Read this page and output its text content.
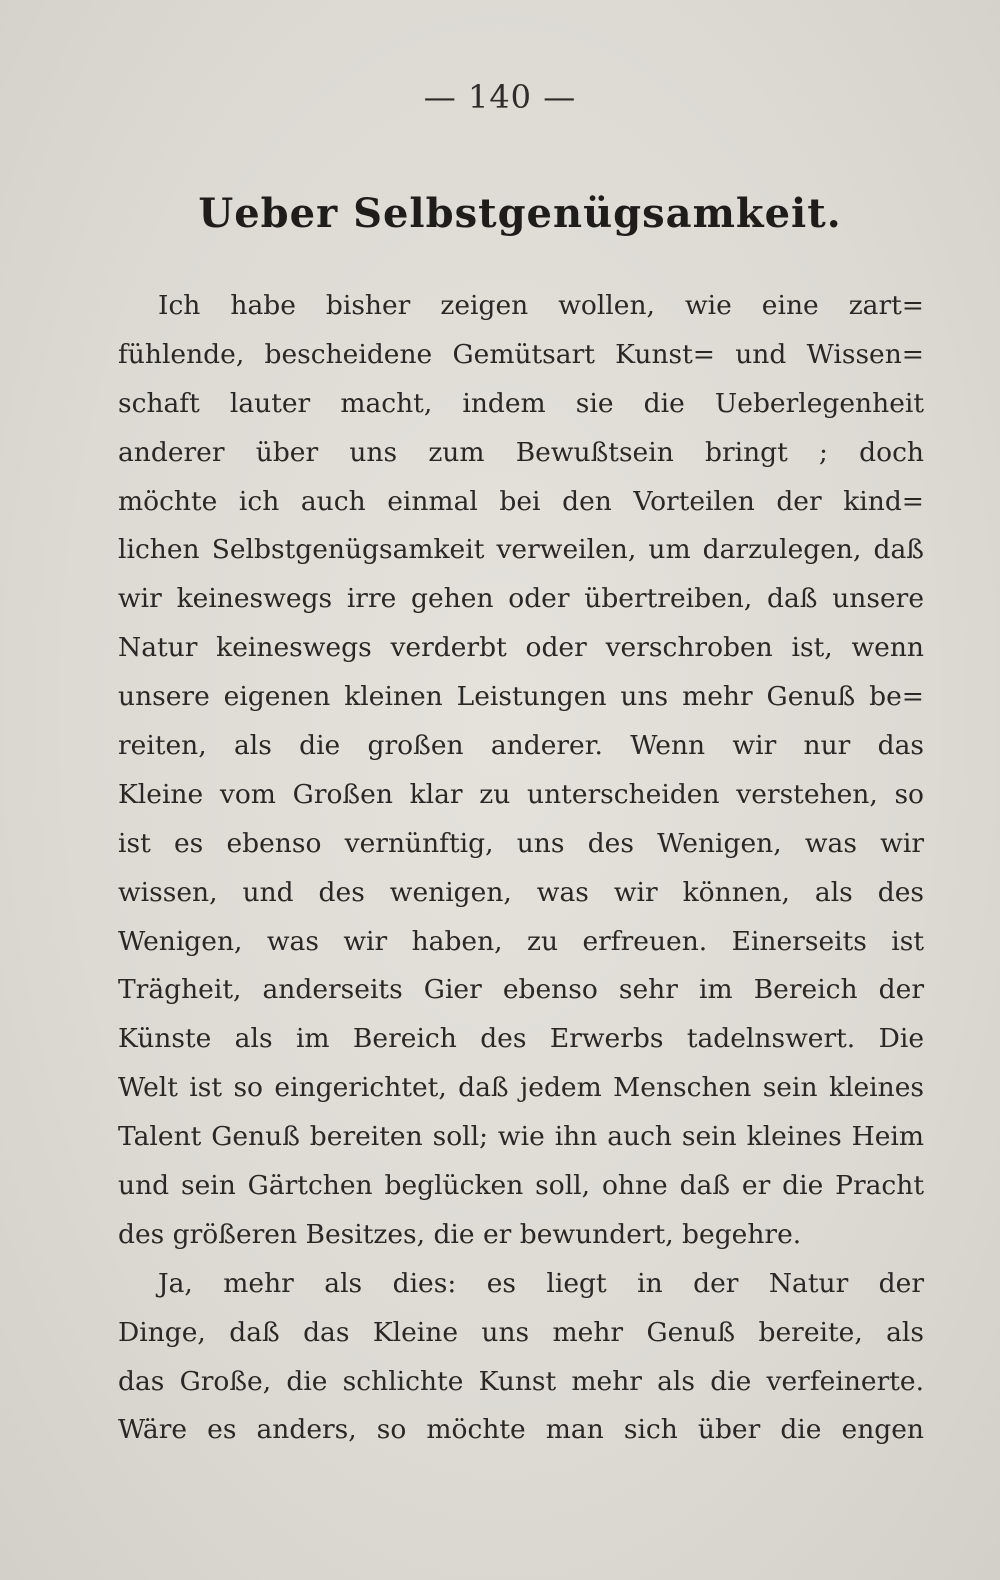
— 140 —
Ueber Selbstgenügsamkeit.
Ich habe bisher zeigen wollen, wie eine zart=
fühlende, bescheidene Gemütsart Kunst= und Wissen=
schaft lauter macht, indem sie die Ueberlegenheit
anderer über uns zum Bewußtsein bringt ; doch
möchte ich auch einmal bei den Vorteilen der kind=
lichen Selbstgenügsamkeit verweilen, um darzulegen, daß
wir keineswegs irre gehen oder übertreiben, daß unsere
Natur keineswegs verderbt oder verschroben ist, wenn
unsere eigenen kleinen Leistungen uns mehr Genuß be=
reiten, als die großen anderer. Wenn wir nur das
Kleine vom Großen klar zu unterscheiden verstehen, so
ist es ebenso vernünftig, uns des Wenigen, was wir
wissen, und des wenigen, was wir können, als des
Wenigen, was wir haben, zu erfreuen. Einerseits ist
Trägheit, anderseits Gier ebenso sehr im Bereich der
Künste als im Bereich des Erwerbs tadelnswert. Die
Welt ist so eingerichtet, daß jedem Menschen sein kleines
Talent Genuß bereiten soll; wie ihn auch sein kleines Heim
und sein Gärtchen beglücken soll, ohne daß er die Pracht
des größeren Besitzes, die er bewundert, begehre.
Ja, mehr als dies: es liegt in der Natur der
Dinge, daß das Kleine uns mehr Genuß bereite, als
das Große, die schlichte Kunst mehr als die verfeinerte.
Wäre es anders, so möchte man sich über die engen
